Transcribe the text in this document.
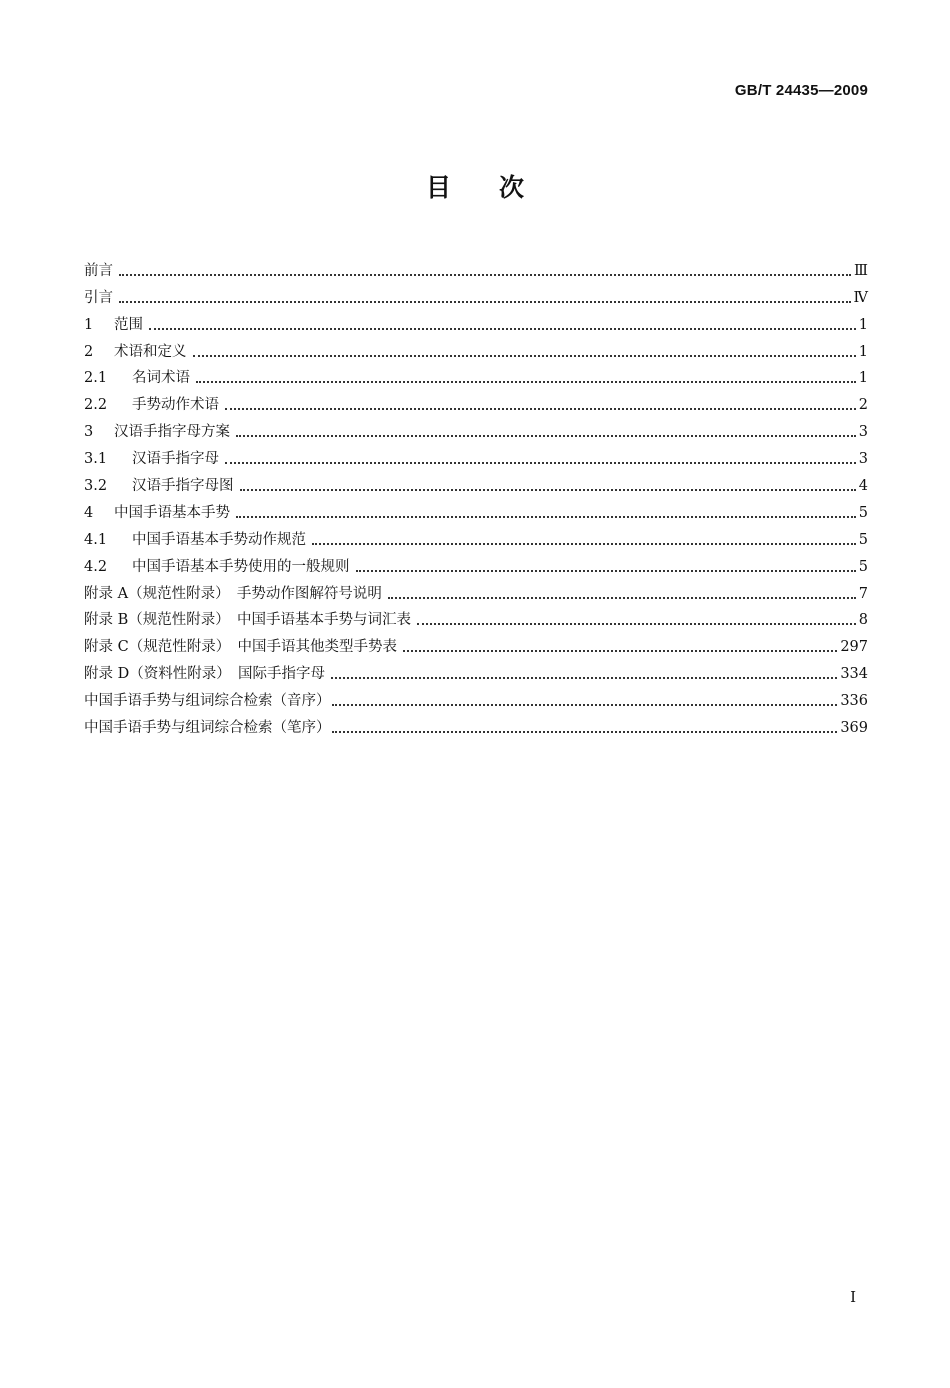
GB/T 24435—2009
目次
前言	Ⅲ
引言	Ⅳ
1	范围	1
2	术语和定义	1
2.1	名词术语	1
2.2	手势动作术语	2
3	汉语手指字母方案	3
3.1	汉语手指字母	3
3.2	汉语手指字母图	4
4	中国手语基本手势	5
4.1	中国手语基本手势动作规范	5
4.2	中国手语基本手势使用的一般规则	5
附录 A（规范性附录）　手势动作图解符号说明	7
附录 B（规范性附录）　中国手语基本手势与词汇表	8
附录 C（规范性附录）　中国手语其他类型手势表	297
附录 D（资料性附录）　国际手指字母	334
中国手语手势与组词综合检索（音序）	336
中国手语手势与组词综合检索（笔序）	369
I
